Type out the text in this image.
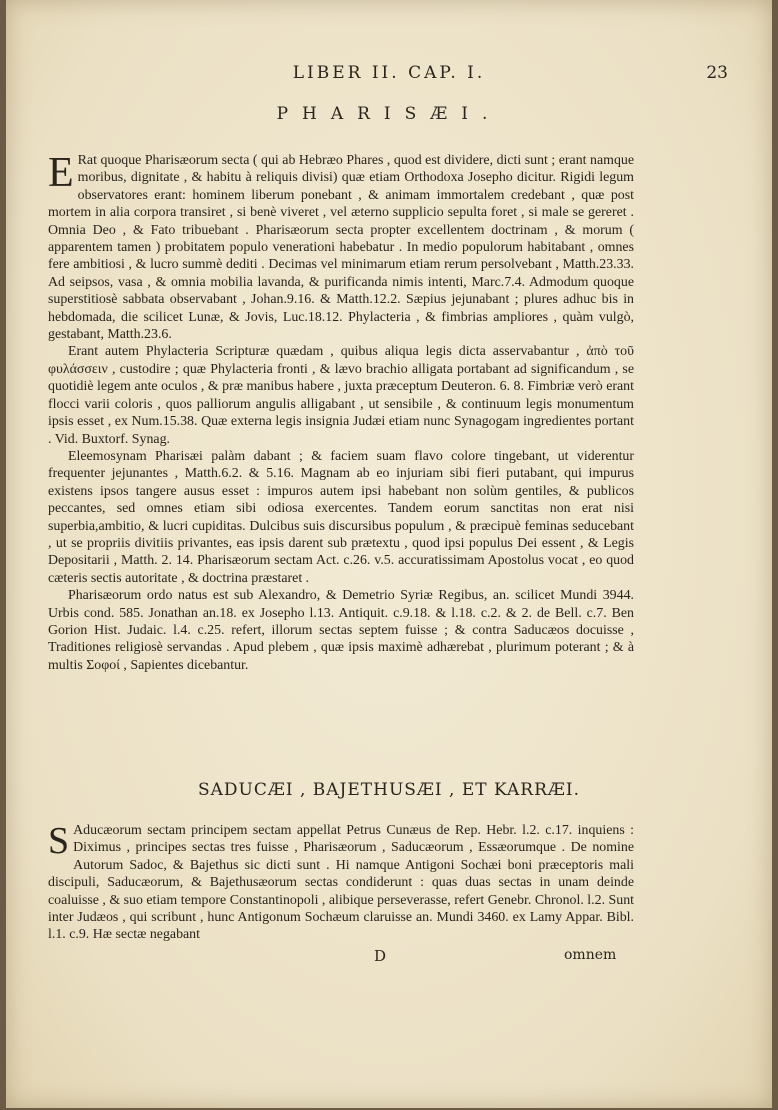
LIBER II. CAP. I.	23
PHARISÆI.

E Rat quoque Pharisæorum secta ( qui ab Hebræo Phares , quod est dividere, dicti sunt ; erant namque moribus, dignitate , & habitu à reliquis divisi) quæ etiam Orthodoxa Josepho dicitur. Rigidi legum observatores erant: hominem liberum ponebant , & animam immortalem credebant , quæ post mortem in alia corpora transiret , si benè viveret , vel æterno supplicio sepulta foret , si male se gereret . Omnia Deo , & Fato tribuebant . Pharisæorum secta propter excellentem doctrinam , & morum ( apparentem tamen ) probitatem populo venerationi habebatur . In medio populorum habitabant , omnes fere ambitiosi , & lucro summè dediti . Decimas vel minimarum etiam rerum persolvebant , Matth.23.33. Ad seipsos, vasa , & omnia mobilia lavanda, & purificanda nimis intenti, Marc.7.4. Admodum quoque superstitiosè sabbata observabant , Johan.9.16. & Matth.12.2. Sæpius jejunabant ; plures adhuc bis in hebdomada, die scilicet Lunæ, & Jovis, Luc.18.12. Phylacteria , & fimbrias ampliores , quàm vulgò, gestabant, Matth.23.6.

Erant autem Phylacteria Scripturæ quædam , quibus aliqua legis dicta asservabantur , ἀπὸ τοῦ φυλάσσειν , custodire ; quæ Phylacteria fronti , & lævo brachio alligata portabant ad significandum , se quotidiè legem ante oculos , & præ manibus habere , juxta præceptum Deuteron. 6. 8. Fimbriæ verò erant flocci varii coloris , quos palliorum angulis alligabant , ut sensibile , & continuum legis monumentum ipsis esset , ex Num.15.38. Quæ externa legis insignia Judæi etiam nunc Synagogam ingredientes portant . Vid. Buxtorf. Synag.

Eleemosynam Pharisæi palàm dabant ; & faciem suam flavo colore tingebant, ut viderentur frequenter jejunantes , Matth.6.2. & 5.16. Magnam ab eo injuriam sibi fieri putabant, qui impurus existens ipsos tangere ausus esset : impuros autem ipsi habebant non solùm gentiles, & publicos peccantes, sed omnes etiam sibi odiosa exercentes. Tandem eorum sanctitas non erat nisi superbia,ambitio, & lucri cupiditas. Dulcibus suis discursibus populum , & præcipuè feminas seducebant , ut se propriis divitiis privantes, eas ipsis darent sub prætextu , quod ipsi populus Dei essent , & Legis Depositarii , Matth. 2. 14. Pharisæorum sectam Act. c.26. v.5. accuratissimam Apostolus vocat , eo quod cæteris sectis autoritate , & doctrina præstaret .

Pharisæorum ordo natus est sub Alexandro, & Demetrio Syriæ Regibus, an. scilicet Mundi 3944. Urbis cond. 585. Jonathan an.18. ex Josepho l.13. Antiquit. c.9.18. & l.18. c.2. & 2. de Bell. c.7. Ben Gorion Hist. Judaic. l.4. c.25. refert, illorum sectas septem fuisse ; & contra Saducæos docuisse , Traditiones religiosè servandas . Apud plebem , quæ ipsis maximè adhærebat , plurimum poterant ; & à multis Σοφοί , Sapientes dicebantur.

SADUCÆI , BAJETHUSÆI , ET KARRÆI.

S Aducæorum sectam principem sectam appellat Petrus Cunæus de Rep. Hebr. l.2. c.17. inquiens : Diximus , principes sectas tres fuisse , Pharisæorum , Saducæorum , Essæorumque . De nomine Autorum Sadoc, & Bajethus sic dicti sunt . Hi namque Antigoni Sochæi boni præceptoris mali discipuli, Saducæorum, & Bajethusæorum sectas condiderunt : quas duas sectas in unam deinde coaluisse , & suo etiam tempore Constantinopoli , alibique perseverasse, refert Genebr. Chronol. l.2. Sunt inter Judæos , qui scribunt , hunc Antigonum Sochæum claruisse an. Mundi 3460. ex Lamy Appar. Bibl. l.1. c.9. Hæ sectæ negabant

D	omnem
